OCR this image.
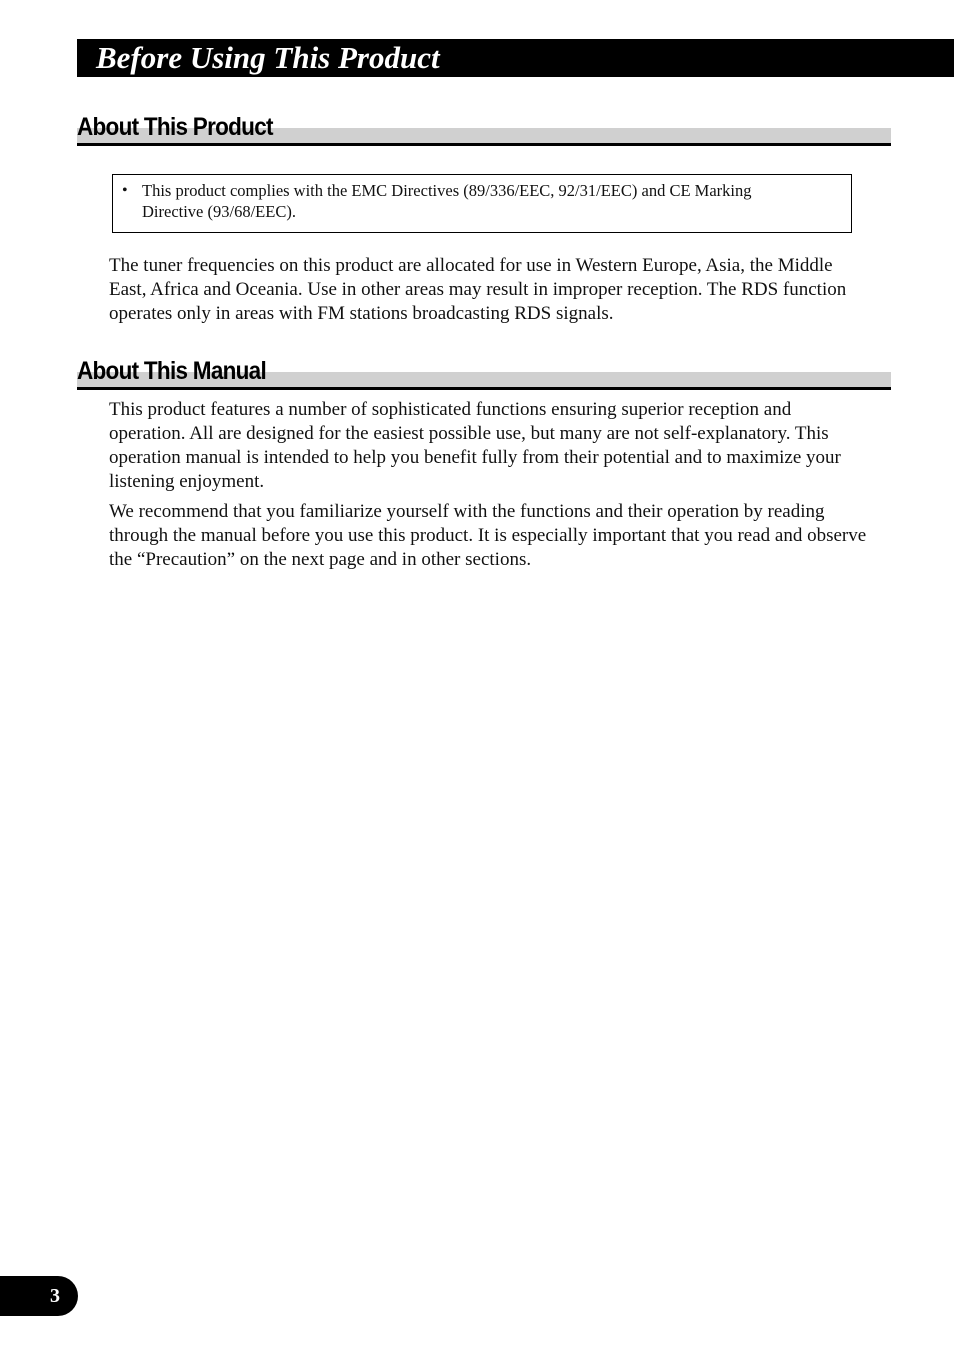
Before Using This Product
About This Product
• This product complies with the EMC Directives (89/336/EEC, 92/31/EEC) and CE Marking Directive (93/68/EEC).

The tuner frequencies on this product are allocated for use in Western Europe, Asia, the Middle East, Africa and Oceania. Use in other areas may result in improper reception. The RDS function operates only in areas with FM stations broadcasting RDS signals.

About This Manual

This product features a number of sophisticated functions ensuring superior reception and operation. All are designed for the easiest possible use, but many are not self-explanatory. This operation manual is intended to help you benefit fully from their potential and to maximize your listening enjoyment.

We recommend that you familiarize yourself with the functions and their operation by reading through the manual before you use this product. It is especially important that you read and observe the “Precaution” on the next page and in other sections.

3
